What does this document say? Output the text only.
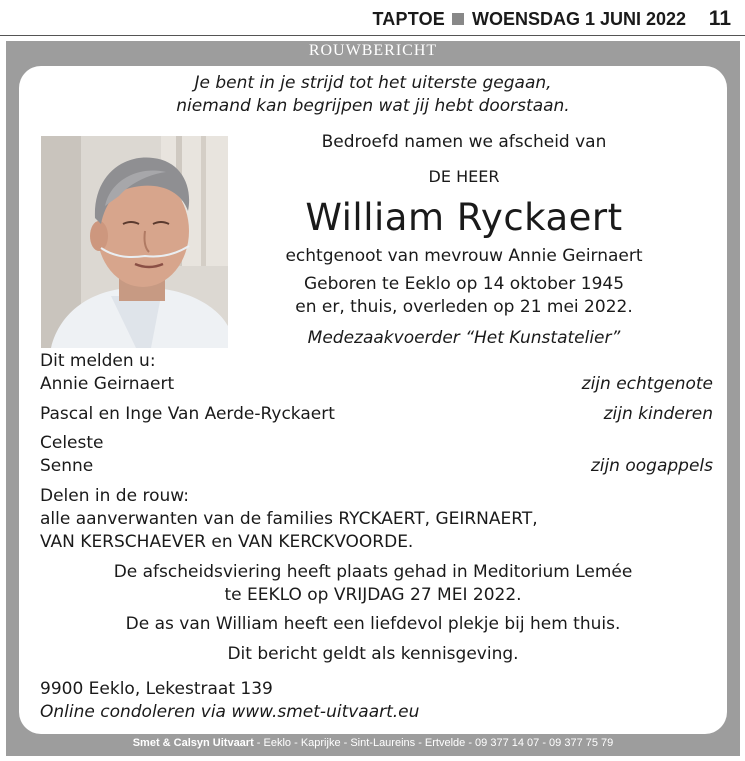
TAPTOE WOENSDAG 1 JUNI 2022 11
ROUWBERICHT
Je bent in je strijd tot het uiterste gegaan,
niemand kan begrijpen wat jij hebt doorstaan.
Bedroefd namen we afscheid van
DE HEER
William Ryckaert
echtgenoot van mevrouw Annie Geirnaert
Geboren te Eeklo op 14 oktober 1945
en er, thuis, overleden op 21 mei 2022.
Medezaakvoerder “Het Kunstatelier”
Dit melden u:
Annie Geirnaert	zijn echtgenote
Pascal en Inge Van Aerde-Ryckaert	zijn kinderen
Celeste
Senne	zijn oogappels
Delen in de rouw:
alle aanverwanten van de families RYCKAERT, GEIRNAERT,
VAN KERSCHAEVER en VAN KERCKVOORDE.
De afscheidsviering heeft plaats gehad in Meditorium Lemée
te EEKLO op VRIJDAG 27 MEI 2022.
De as van William heeft een liefdevol plekje bij hem thuis.
Dit bericht geldt als kennisgeving.
9900 Eeklo, Lekestraat 139
Online condoleren via www.smet-uitvaart.eu
Smet & Calsyn Uitvaart - Eeklo - Kaprijke - Sint-Laureins - Ertvelde - 09 377 14 07 - 09 377 75 79
